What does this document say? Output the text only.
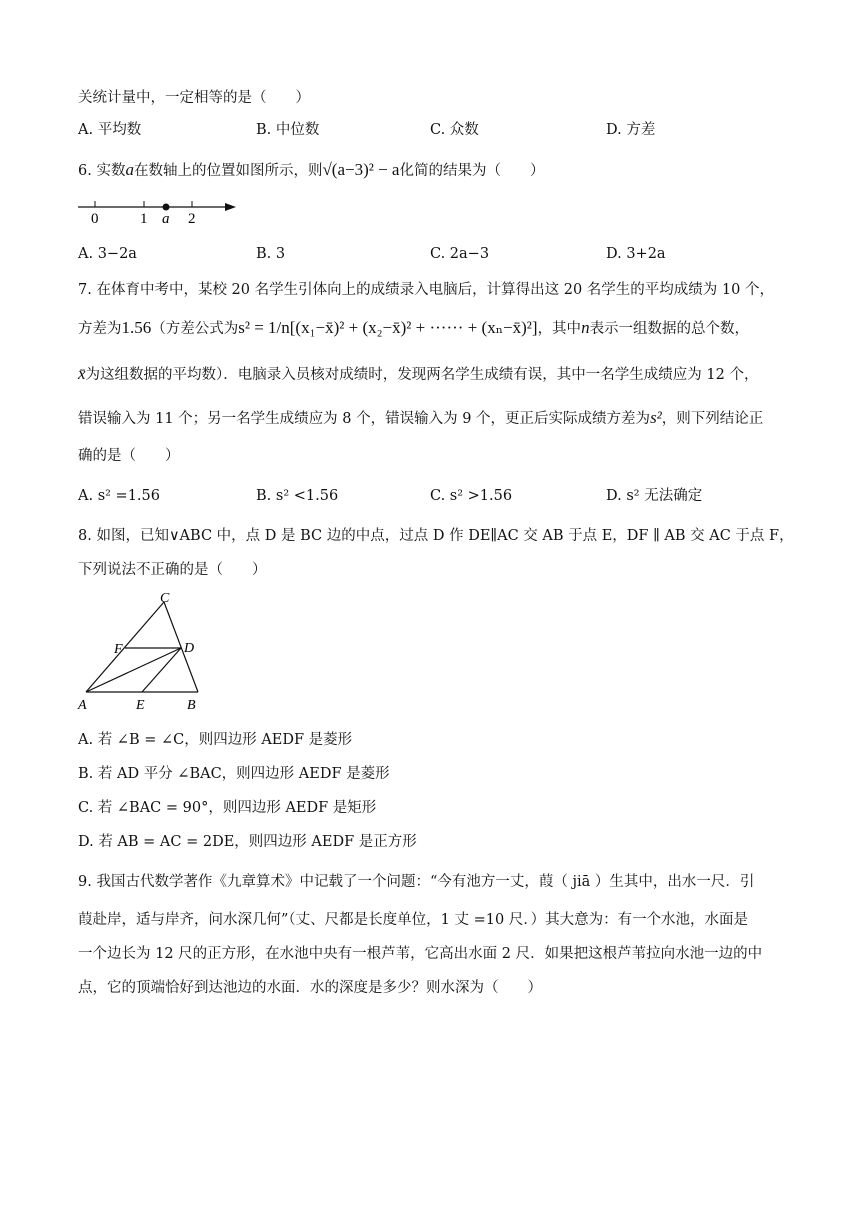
关统计量中，一定相等的是（　　）
A. 平均数	B. 中位数	C. 众数	D. 方差
6. 实数a在数轴上的位置如图所示，则√(a−3)² − a化简的结果为（　　）
0	1 a 2
A. 3−2a	B. 3	C. 2a−3	D. 3+2a
7. 在体育中考中，某校 20 名学生引体向上的成绩录入电脑后，计算得出这 20 名学生的平均成绩为 10 个，
方差为1.56（方差公式为s² = 1/n[(x₁−x̄)² + (x₂−x̄)² + ······ + (xₙ−x̄)²]，其中n表示一组数据的总个数，
x̄为这组数据的平均数）．电脑录入员核对成绩时，发现两名学生成绩有误，其中一名学生成绩应为 12 个，
错误输入为 11 个；另一名学生成绩应为 8 个，错误输入为 9 个，更正后实际成绩方差为s²，则下列结论正
确的是（　　）
A. s² =1.56	B. s² <1.56	C. s² >1.56	D. s² 无法确定
8. 如图，已知∨ABC 中，点 D 是 BC 边的中点，过点 D 作 DE∥AC 交 AB 于点 E，DF ∥ AB 交 AC 于点 F，
下列说法不正确的是（　　）
C
F	D
A	E	B
A. 若 ∠B = ∠C，则四边形 AEDF 是菱形
B. 若 AD 平分 ∠BAC，则四边形 AEDF 是菱形
C. 若 ∠BAC = 90°，则四边形 AEDF 是矩形
D. 若 AB = AC = 2DE，则四边形 AEDF 是正方形
9. 我国古代数学著作《九章算术》中记载了一个问题：“今有池方一丈，葭（ jiā ）生其中，出水一尺．引
葭赴岸，适与岸齐，问水深几何”（丈、尺都是长度单位，1 丈 =10 尺．）其大意为：有一个水池，水面是
一个边长为 12 尺的正方形，在水池中央有一根芦苇，它高出水面 2 尺．如果把这根芦苇拉向水池一边的中
点，它的顶端恰好到达池边的水面．水的深度是多少？则水深为（　　）
